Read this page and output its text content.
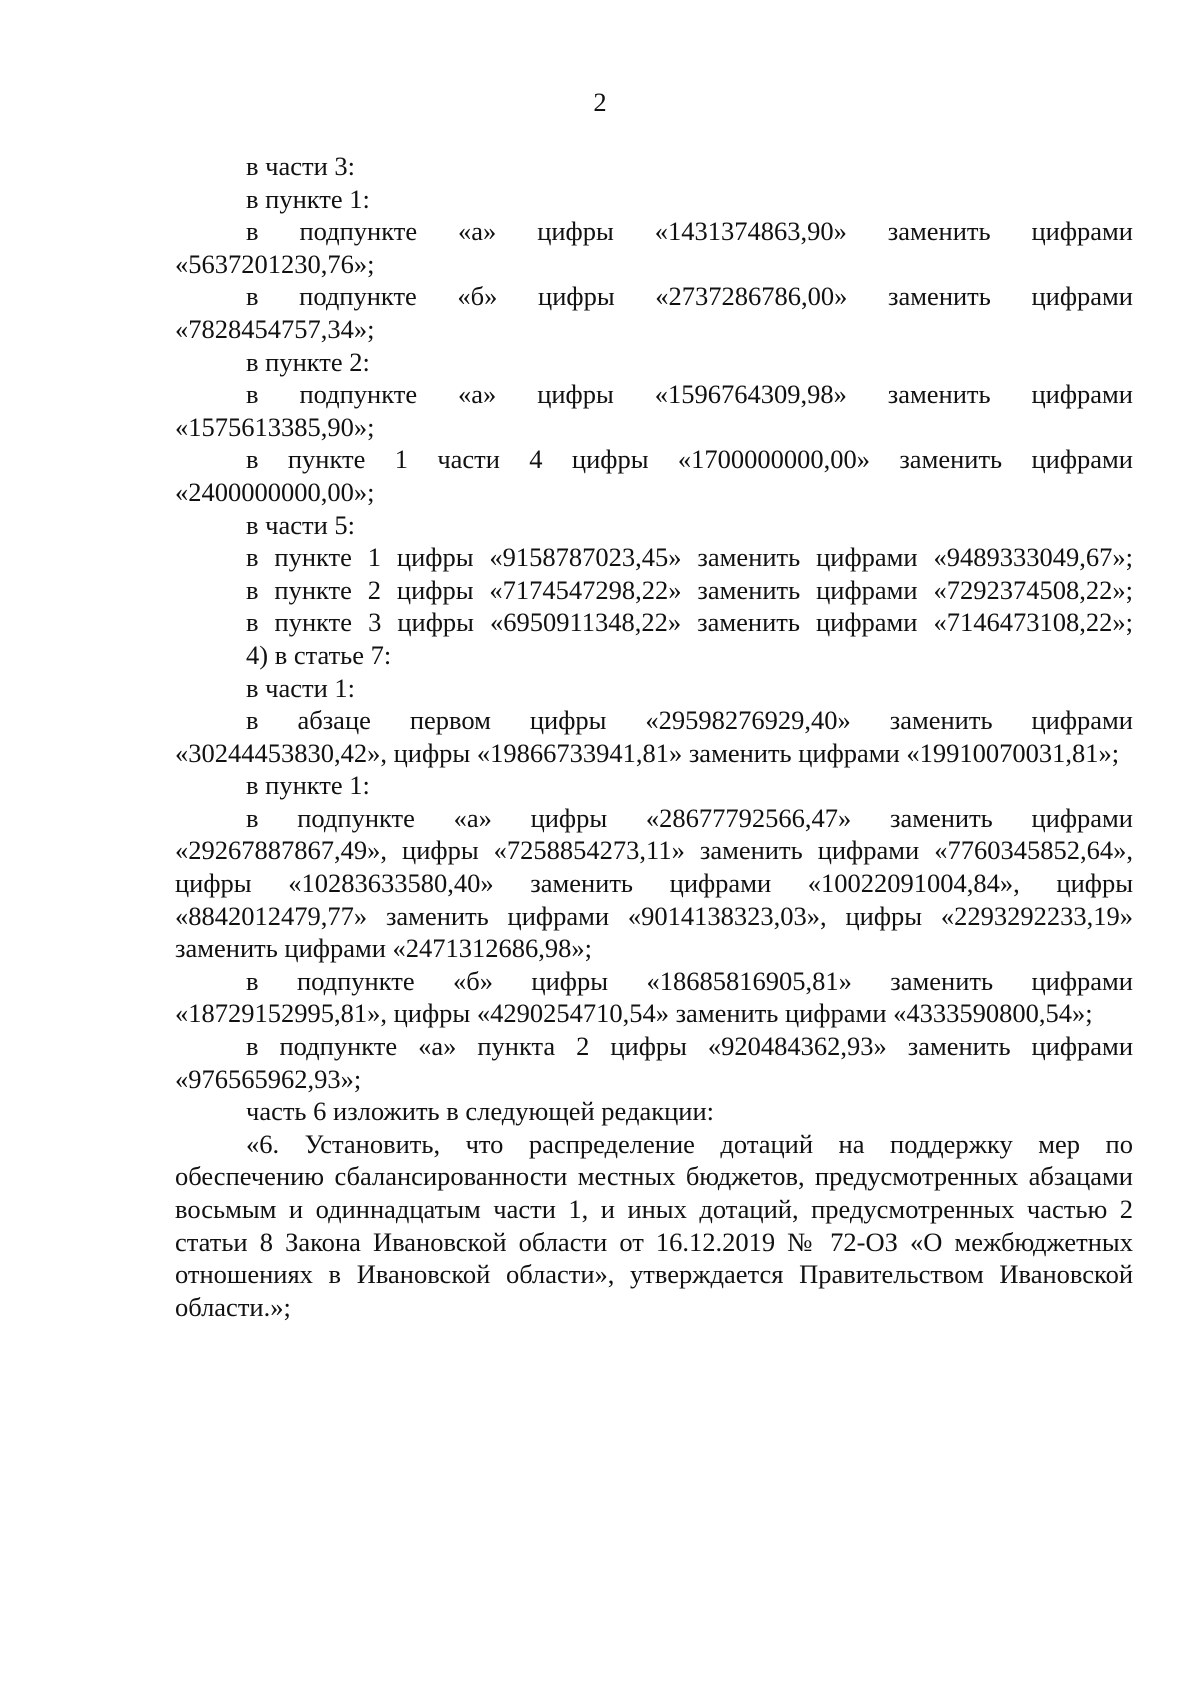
2

в части 3:

в пункте 1:

в подпункте «а» цифры «1431374863,90» заменить цифрами «5637201230,76»;

в подпункте «б» цифры «2737286786,00» заменить цифрами «7828454757,34»;

в пункте 2:

в подпункте «а» цифры «1596764309,98» заменить цифрами «1575613385,90»;

в пункте 1 части 4 цифры «1700000000,00» заменить цифрами «2400000000,00»;

в части 5:

в пункте 1 цифры «9158787023,45» заменить цифрами «9489333049,67»;

в пункте 2 цифры «7174547298,22» заменить цифрами «7292374508,22»;

в пункте 3 цифры «6950911348,22» заменить цифрами «7146473108,22»;

4) в статье 7:

в части 1:

в абзаце первом цифры «29598276929,40» заменить цифрами «30244453830,42», цифры «19866733941,81» заменить цифрами «19910070031,81»;

в пункте 1:

в подпункте «а» цифры «28677792566,47» заменить цифрами «29267887867,49», цифры «7258854273,11» заменить цифрами «7760345852,64», цифры «10283633580,40» заменить цифрами «10022091004,84», цифры «8842012479,77» заменить цифрами «9014138323,03», цифры «2293292233,19» заменить цифрами «2471312686,98»;

в подпункте «б» цифры «18685816905,81» заменить цифрами «18729152995,81», цифры «4290254710,54» заменить цифрами «4333590800,54»;

в подпункте «а» пункта 2 цифры «920484362,93» заменить цифрами «976565962,93»;

часть 6 изложить в следующей редакции:

«6. Установить, что распределение дотаций на поддержку мер по обеспечению сбалансированности местных бюджетов, предусмотренных абзацами восьмым и одиннадцатым части 1, и иных дотаций, предусмотренных частью 2 статьи 8 Закона Ивановской области от 16.12.2019 № 72-ОЗ «О межбюджетных отношениях в Ивановской области», утверждается Правительством Ивановской области.»;
